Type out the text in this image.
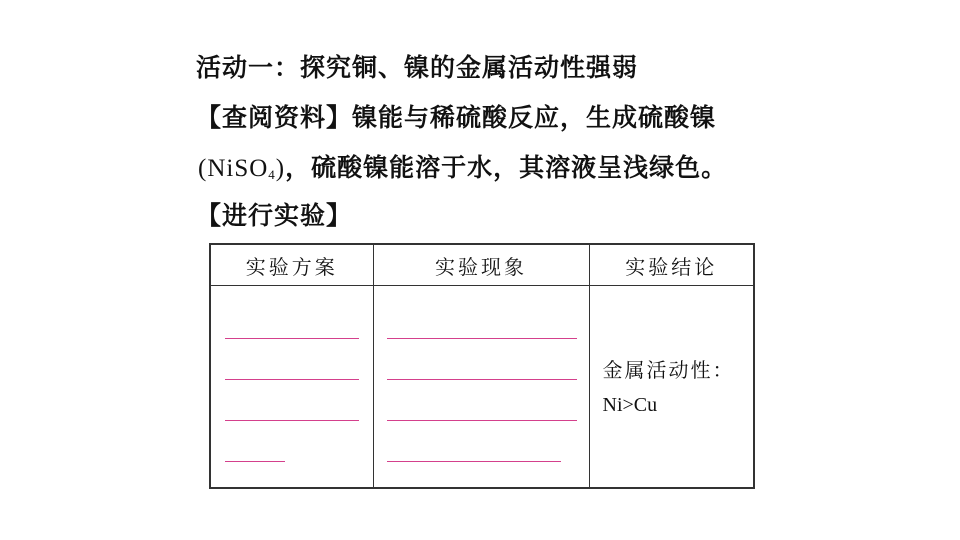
活动一：探究铜、镍的金属活动性强弱

【查阅资料】镍能与稀硫酸反应，生成硫酸镍

(NiSO$_4$)，硫酸镍能溶于水，其溶液呈浅绿色。

【进行实验】

实验方案	实验现象	实验结论

		金属活动性：
Ni>Cu
